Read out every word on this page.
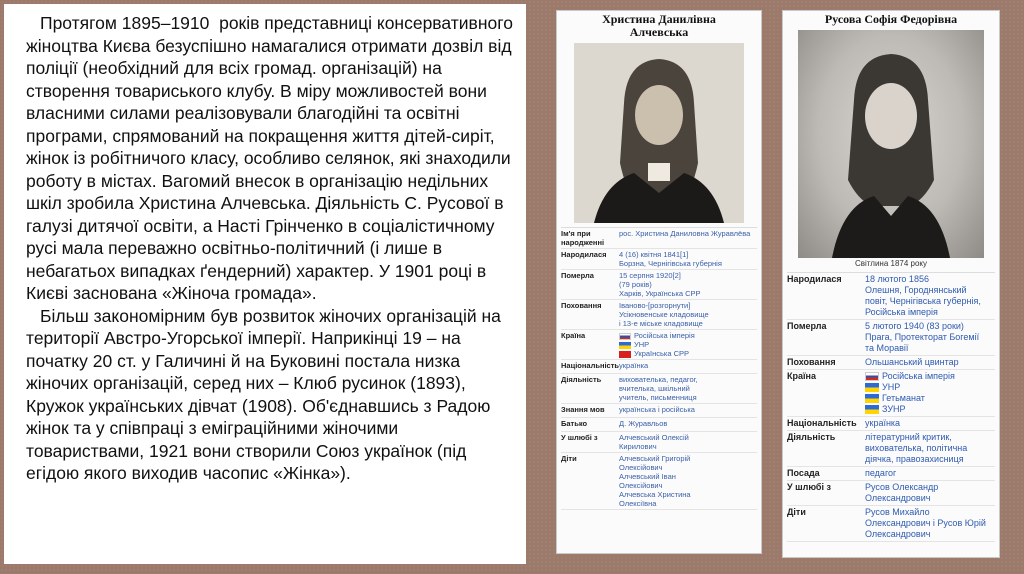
Протягом 1895–1910  років представниці консервативного жіноцтва Києва безуспішно намагалися отримати дозвіл від поліції (необхідний для всіх громад. організацій) на створення товариського клубу. В міру можливостей вони власними силами реалізовували благодійні та освітні програми, спрямований на покращення життя дітей-сиріт, жінок із робітничого класу, особливо селянок, які знаходили роботу в містах. Вагомий внесок в організацію недільних шкіл зробила Христина Алчевська. Діяльність С. Русової в галузі дитячої освіти, а Насті Грінченко в соціалістичному русі мала переважно освітньо-політичний (і лише в небагатьох випадках ґендерний) характер. У 1901 році в Києві заснована «Жіноча громада».

Більш закономірним був розвиток жіночих організацій на території Австро-Угорської імперії. Наприкінці 19 – на початку 20 ст. у Галичині й на Буковині постала низка жіночих організацій, серед них – Клюб русинок (1893), Кружок українських дівчат (1908). Об'єднавшись з Радою жінок та у співпраці з еміграційними жіночими товариствами, 1921 вони створили Союз українок (під егідою якого виходив часопис «Жінка»).

Христина Данилівна
Алчевська
Ім'я при народженні
рос. Христина Даниловна Журавлёва
Народилася	4 (16) квітня 1841[1]
Борзна, Чернігівська губернія
Померла	15 серпня 1920[2]
(79 років)
Харків, Українська СРР
Поховання	Іваново-[розгорнути]
Усікновенське кладовище
і 13-е міське кладовище
Країна	Російська імперія
УНР
Українська СРР
Національність українка
Діяльність	вихователька, педагог,
вчителька, шкільний
учитель, письменниця
Знання мов	українська і російська
Батько	Д. Журавльов
У шлюбі з	Алчевський Олексій
Кирилович
Діти	Алчевський Григорій
Олексійович
Алчевський Іван
Олексійович
Алчевська Христина
Олексіївна
Русова Софія Федорівна
Світлина 1874 року
Народилася	18 лютого 1856
Олешня, Городнянський
повіт, Чернігівська губернія,
Російська імперія
Померла	5 лютого 1940 (83 роки)
Прага, Протекторат Богемії
та Моравії
Поховання	Ольшанський цвинтар
Країна	Російська імперія
УНР
Гетьманат
ЗУНР
Національність українка
Діяльність	літературний критик,
вихователька, політична
діячка, правозахисниця
Посада	педагог
У шлюбі з	Русов Олександр
Олександрович
Діти	Русов Михайло
Олександрович і Русов Юрій
Олександрович
